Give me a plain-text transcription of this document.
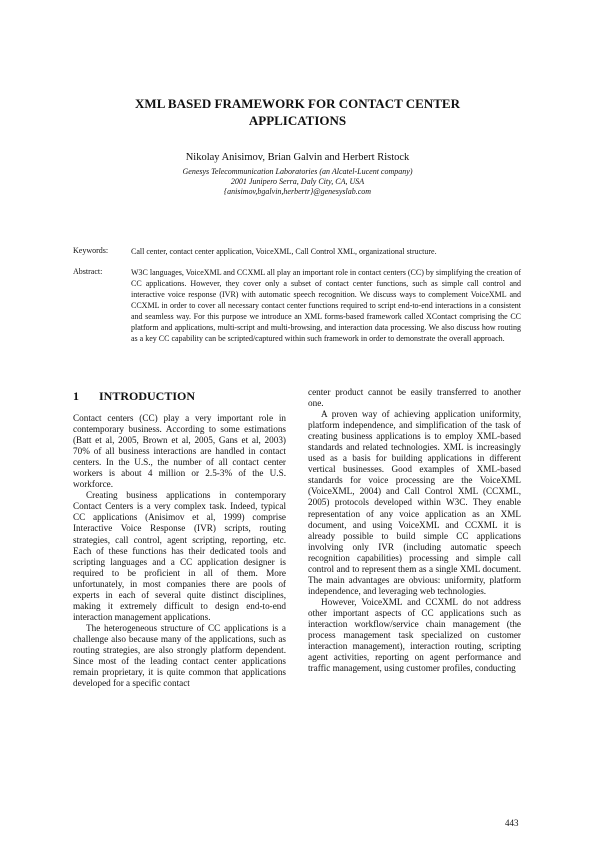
XML BASED FRAMEWORK FOR CONTACT CENTER
APPLICATIONS
Nikolay Anisimov, Brian Galvin and Herbert Ristock
Genesys Telecommunication Laboratories (an Alcatel-Lucent company)
2001 Junipero Serra, Daly City, CA, USA
{anisimov,bgalvin,herbertr}@genesyslab.com
Keywords:	Call center, contact center application, VoiceXML, Call Control XML, organizational structure.
Abstract:	W3C languages, VoiceXML and CCXML all play an important role in contact centers (CC) by simplifying the creation of CC applications. However, they cover only a subset of contact center functions, such as simple call control and interactive voice response (IVR) with automatic speech recognition. We discuss ways to complement VoiceXML and CCXML in order to cover all necessary contact center functions required to script end-to-end interactions in a consistent and seamless way. For this purpose we introduce an XML forms-based framework called XContact comprising the CC platform and applications, multi-script and multi-browsing, and interaction data processing. We also discuss how routing as a key CC capability can be scripted/captured within such framework in order to demonstrate the overall approach.
1 INTRODUCTION

Contact centers (CC) play a very important role in contemporary business. According to some estimations (Batt et al, 2005, Brown et al, 2005, Gans et al, 2003) 70% of all business interactions are handled in contact centers. In the U.S., the number of all contact center workers is about 4 million or 2.5-3% of the U.S. workforce.

Creating business applications in contemporary Contact Centers is a very complex task. Indeed, typical CC applications (Anisimov et al, 1999) comprise Interactive Voice Response (IVR) scripts, routing strategies, call control, agent scripting, reporting, etc. Each of these functions has their dedicated tools and scripting languages and a CC application designer is required to be proficient in all of them. More unfortunately, in most companies there are pools of experts in each of several quite distinct disciplines, making it extremely difficult to design end-to-end interaction management applications.

The heterogeneous structure of CC applications is a challenge also because many of the applications, such as routing strategies, are also strongly platform dependent. Since most of the leading contact center applications remain proprietary, it is quite common that applications developed for a specific contact

center product cannot be easily transferred to another one.

A proven way of achieving application uniformity, platform independence, and simplification of the task of creating business applications is to employ XML-based standards and related technologies. XML is increasingly used as a basis for building applications in different vertical businesses. Good examples of XML-based standards for voice processing are the VoiceXML (VoiceXML, 2004) and Call Control XML (CCXML, 2005) protocols developed within W3C. They enable representation of any voice application as an XML document, and using VoiceXML and CCXML it is already possible to build simple CC applications involving only IVR (including automatic speech recognition capabilities) processing and simple call control and to represent them as a single XML document. The main advantages are obvious: uniformity, platform independence, and leveraging web technologies.

However, VoiceXML and CCXML do not address other important aspects of CC applications such as interaction workflow/service chain management (the process management task specialized on customer interaction management), interaction routing, scripting agent activities, reporting on agent performance and traffic management, using customer profiles, conducting

443
